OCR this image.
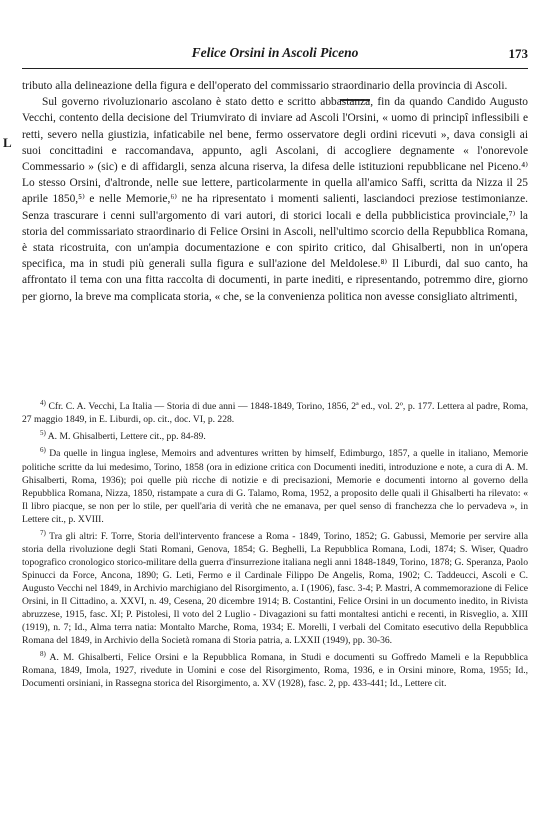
Felice Orsini in Ascoli Piceno	173
L

tributo alla delineazione della figura e dell'operato del commissario straordinario della provincia di Ascoli.

Sul governo rivoluzionario ascolano è stato detto e scritto abbastanza, fin da quando Candido Augusto Vecchi, contento della decisione del Triumvirato di inviare ad Ascoli l'Orsini, « uomo di principî inflessibili e retti, severo nella giustizia, infaticabile nel bene, fermo osservatore degli ordini ricevuti », dava consigli ai suoi concittadini e raccomandava, appunto, agli Ascolani, di accogliere degnamente « l'onorevole Commessario » (sic) e di affidargli, senza alcuna riserva, la difesa delle istituzioni repubblicane nel Piceno.⁴⁾ Lo stesso Orsini, d'altronde, nelle sue lettere, particolarmente in quella all'amico Saffi, scritta da Nizza il 25 aprile 1850,⁵⁾ e nelle Memorie,⁶⁾ ne ha ripresentato i momenti salienti, lasciandoci preziose testimonianze. Senza trascurare i cenni sull'argomento di vari autori, di storici locali e della pubblicistica provinciale,⁷⁾ la storia del commissariato straordinario di Felice Orsini in Ascoli, nell'ultimo scorcio della Repubblica Romana, è stata ricostruita, con un'ampia documentazione e con spirito critico, dal Ghisalberti, non in un'opera specifica, ma in studi più generali sulla figura e sull'azione del Meldolese.⁸⁾ Il Liburdi, dal suo canto, ha affrontato il tema con una fitta raccolta di documenti, in parte inediti, e ripresentando, potremmo dire, giorno per giorno, la breve ma complicata storia, « che, se la convenienza politica non avesse consigliato altrimenti,

$^{4)}$ Cfr. C. A. Vecchi, La Italia — Storia di due anni — 1848-1849, Torino, 1856, 2ª ed., vol. 2º, p. 177. Lettera al padre, Roma, 27 maggio 1849, in E. Liburdi, op. cit., doc. VI, p. 228.

$^{5)}$ A. M. Ghisalberti, Lettere cit., pp. 84-89.

$^{6)}$ Da quelle in lingua inglese, Memoirs and adventures written by himself, Edimburgo, 1857, a quelle in italiano, Memorie politiche scritte da lui medesimo, Torino, 1858 (ora in edizione critica con Documenti inediti, introduzione e note, a cura di A. M. Ghisalberti, Roma, 1936); poi quelle più ricche di notizie e di precisazioni, Memorie e documenti intorno al governo della Repubblica Romana, Nizza, 1850, ristampate a cura di G. Talamo, Roma, 1952, a proposito delle quali il Ghisalberti ha rilevato: « Il libro piacque, se non per lo stile, per quell'aria di verità che ne emanava, per quel senso di franchezza che lo pervadeva », in Lettere cit., p. XVIII.

$^{7)}$ Tra gli altri: F. Torre, Storia dell'intervento francese a Roma - 1849, Torino, 1852; G. Gabussi, Memorie per servire alla storia della rivoluzione degli Stati Romani, Genova, 1854; G. Beghelli, La Repubblica Romana, Lodi, 1874; S. Wiser, Quadro topografico cronologico storico-militare della guerra d'insurrezione italiana negli anni 1848-1849, Torino, 1878; G. Speranza, Paolo Spinucci da Force, Ancona, 1890; G. Leti, Fermo e il Cardinale Filippo De Angelis, Roma, 1902; C. Taddeucci, Ascoli e C. Augusto Vecchi nel 1849, in Archivio marchigiano del Risorgimento, a. I (1906), fasc. 3-4; P. Mastri, A commemorazione di Felice Orsini, in Il Cittadino, a. XXVI, n. 49, Cesena, 20 dicembre 1914; B. Costantini, Felice Orsini in un documento inedito, in Rivista abruzzese, 1915, fasc. XI; P. Pistolesi, Il voto del 2 Luglio - Divagazioni su fatti montaltesi antichi e recenti, in Risveglio, a. XIII (1919), n. 7; Id., Alma terra natia: Montalto Marche, Roma, 1934; E. Morelli, I verbali del Comitato esecutivo della Repubblica Romana del 1849, in Archivio della Società romana di Storia patria, a. LXXII (1949), pp. 30-36.

$^{8)}$ A. M. Ghisalberti, Felice Orsini e la Repubblica Romana, in Studi e documenti su Goffredo Mameli e la Repubblica Romana, 1849, Imola, 1927, rivedute in Uomini e cose del Risorgimento, Roma, 1936, e in Orsini minore, Roma, 1955; Id., Documenti orsiniani, in Rassegna storica del Risorgimento, a. XV (1928), fasc. 2, pp. 433-441; Id., Lettere cit.
